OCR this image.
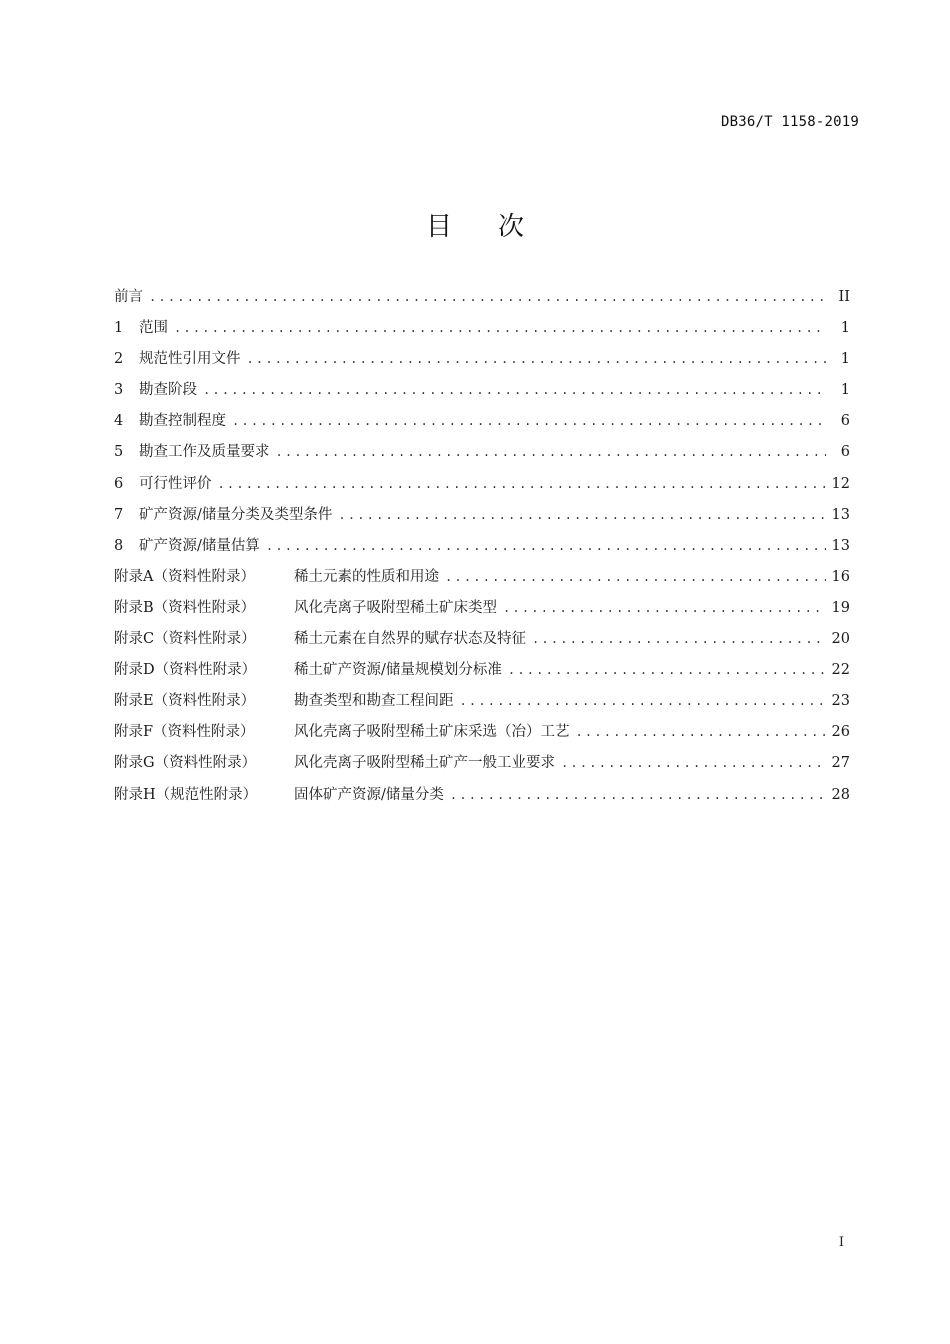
DB36/T 1158-2019
目次
前言 .....	II
1	范围 .....	1
2	规范性引用文件 .....	1
3	勘查阶段 .....	1
4	勘查控制程度 .....	6
5	勘查工作及质量要求 .....	6
6	可行性评价 .....	12
7	矿产资源/储量分类及类型条件 .....	13
8	矿产资源/储量估算 .....	13
附录A（资料性附录）	稀土元素的性质和用途 .....	16
附录B（资料性附录）	风化壳离子吸附型稀土矿床类型 .....	19
附录C（资料性附录）	稀土元素在自然界的赋存状态及特征 .....	20
附录D（资料性附录）	稀土矿产资源/储量规模划分标准 .....	22
附录E（资料性附录）	勘查类型和勘查工程间距 .....	23
附录F（资料性附录）	风化壳离子吸附型稀土矿床采选（冶）工艺 .....	26
附录G（资料性附录）	风化壳离子吸附型稀土矿产一般工业要求 .....	27
附录H（规范性附录）	固体矿产资源/储量分类 .....	28
I
